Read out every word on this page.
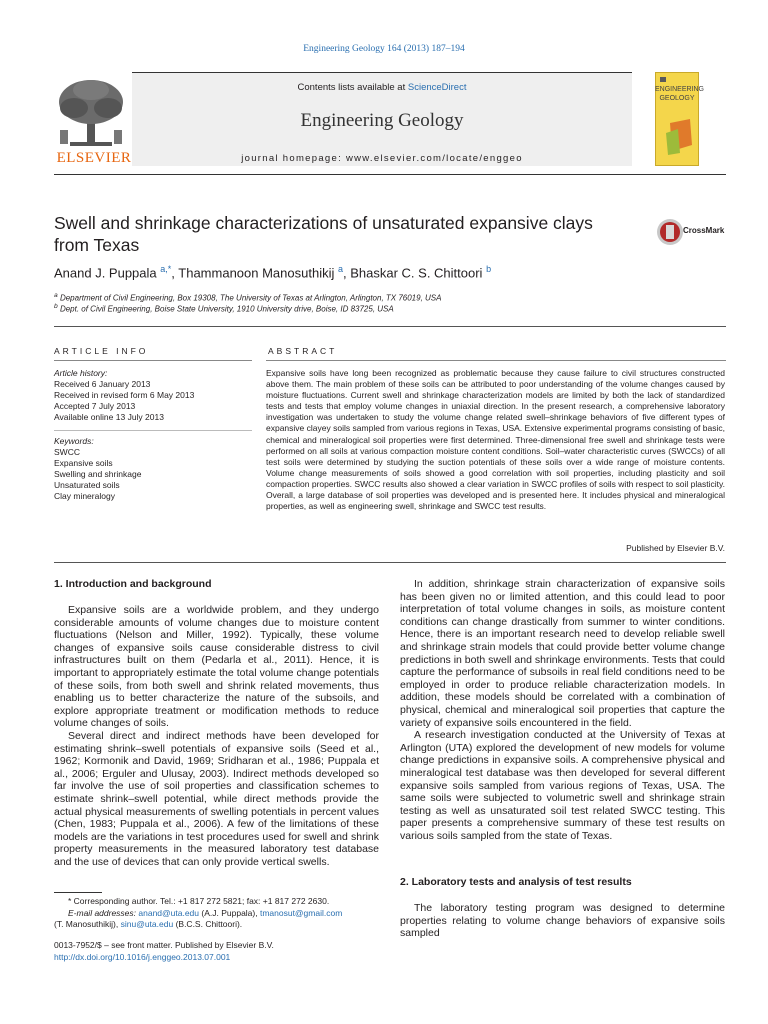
Engineering Geology 164 (2013) 187–194
ELSEVIER
Contents lists available at ScienceDirect
Engineering Geology
journal homepage: www.elsevier.com/locate/enggeo
ENGINEERING
GEOLOGY
Swell and shrinkage characterizations of unsaturated expansive clays from Texas
CrossMark
Anand J. Puppala $^{a,*}$, Thammanoon Manosuthikij $^a$, Bhaskar C. S. Chittoori $^b$
$^a$ Department of Civil Engineering, Box 19308, The University of Texas at Arlington, Arlington, TX 76019, USA
$^b$ Dept. of Civil Engineering, Boise State University, 1910 University drive, Boise, ID 83725, USA
ARTICLE INFO	ABSTRACT
Article history:
Received 6 January 2013
Received in revised form 6 May 2013
Accepted 7 July 2013
Available online 13 July 2013
Keywords:
SWCC
Expansive soils
Swelling and shrinkage
Unsaturated soils
Clay mineralogy
Expansive soils have long been recognized as problematic because they cause failure to civil structures constructed above them. The main problem of these soils can be attributed to poor understanding of the volume changes caused by moisture fluctuations. Current swell and shrinkage characterization models are limited by both the lack of standardized tests and tests that employ volume changes in uniaxial direction. In the present research, a comprehensive laboratory investigation was undertaken to study the volume change related swell–shrinkage behaviors of five different types of expansive clayey soils sampled from various regions in Texas, USA. Extensive experimental programs consisting of basic, chemical and mineralogical soil properties were first determined. Three-dimensional free swell and shrinkage tests were performed on all soils at various compaction moisture content conditions. Soil–water characteristic curves (SWCCs) of all test soils were determined by studying the suction potentials of these soils over a wide range of moisture contents. Volume change measurements of soils showed a good correlation with soil properties, including plasticity and soil compaction properties. SWCC results also showed a clear variation in SWCC profiles of soils with respect to soil plasticity. Overall, a large database of soil properties was developed and is presented here. It includes physical and mineralogical properties, as well as engineering swell, shrinkage and SWCC test results.
Published by Elsevier B.V.
1. Introduction and background

Expansive soils are a worldwide problem, and they undergo considerable amounts of volume changes due to moisture content fluctuations (Nelson and Miller, 1992). Typically, these volume changes of expansive soils cause considerable distress to civil infrastructures built on them (Pedarla et al., 2011). Hence, it is important to appropriately estimate the total volume change potentials of these soils, from both swell and shrink related movements, thus enabling us to better characterize the nature of the subsoils, and explore appropriate treatment or modification methods to reduce volume changes of soils.

Several direct and indirect methods have been developed for estimating shrink–swell potentials of expansive soils (Seed et al., 1962; Kormonik and David, 1969; Sridharan et al., 1986; Puppala et al., 2006; Erguler and Ulusay, 2003). Indirect methods developed so far involve the use of soil properties and classification schemes to estimate shrink–swell potential, while direct methods provide the actual physical measurements of swelling potentials in percent values (Chen, 1983; Puppala et al., 2006). A few of the limitations of these models are the variations in test procedures used for swell and shrink property measurements in the measured laboratory test database and the use of devices that can only provide vertical swells.

* Corresponding author. Tel.: +1 817 272 5821; fax: +1 817 272 2630.
E-mail addresses: anand@uta.edu (A.J. Puppala), tmanosut@gmail.com
(T. Manosuthikij), sinu@uta.edu (B.C.S. Chittoori).
0013-7952/$ – see front matter. Published by Elsevier B.V.
http://dx.doi.org/10.1016/j.enggeo.2013.07.001

In addition, shrinkage strain characterization of expansive soils has been given no or limited attention, and this could lead to poor interpretation of total volume changes in soils, as moisture content conditions can change drastically from summer to winter conditions. Hence, there is an important research need to develop reliable swell and shrinkage strain models that could provide better volume change predictions in both swell and shrinkage environments. Tests that could capture the performance of subsoils in real field conditions need to be employed in order to produce reliable characterization models. In addition, these models should be correlated with a combination of physical, chemical and mineralogical soil properties that capture the variety of expansive soils encountered in the field.

A research investigation conducted at the University of Texas at Arlington (UTA) explored the development of new models for volume change predictions in expansive soils. A comprehensive physical and mineralogical test database was then developed for several different expansive soils sampled from various regions of Texas, USA. The same soils were subjected to volumetric swell and shrinkage strain testing as well as unsaturated soil test related SWCC testing. This paper presents a comprehensive summary of these test results on various soils sampled from the state of Texas.

2. Laboratory tests and analysis of test results

The laboratory testing program was designed to determine properties relating to volume change behaviors of expansive soils sampled
